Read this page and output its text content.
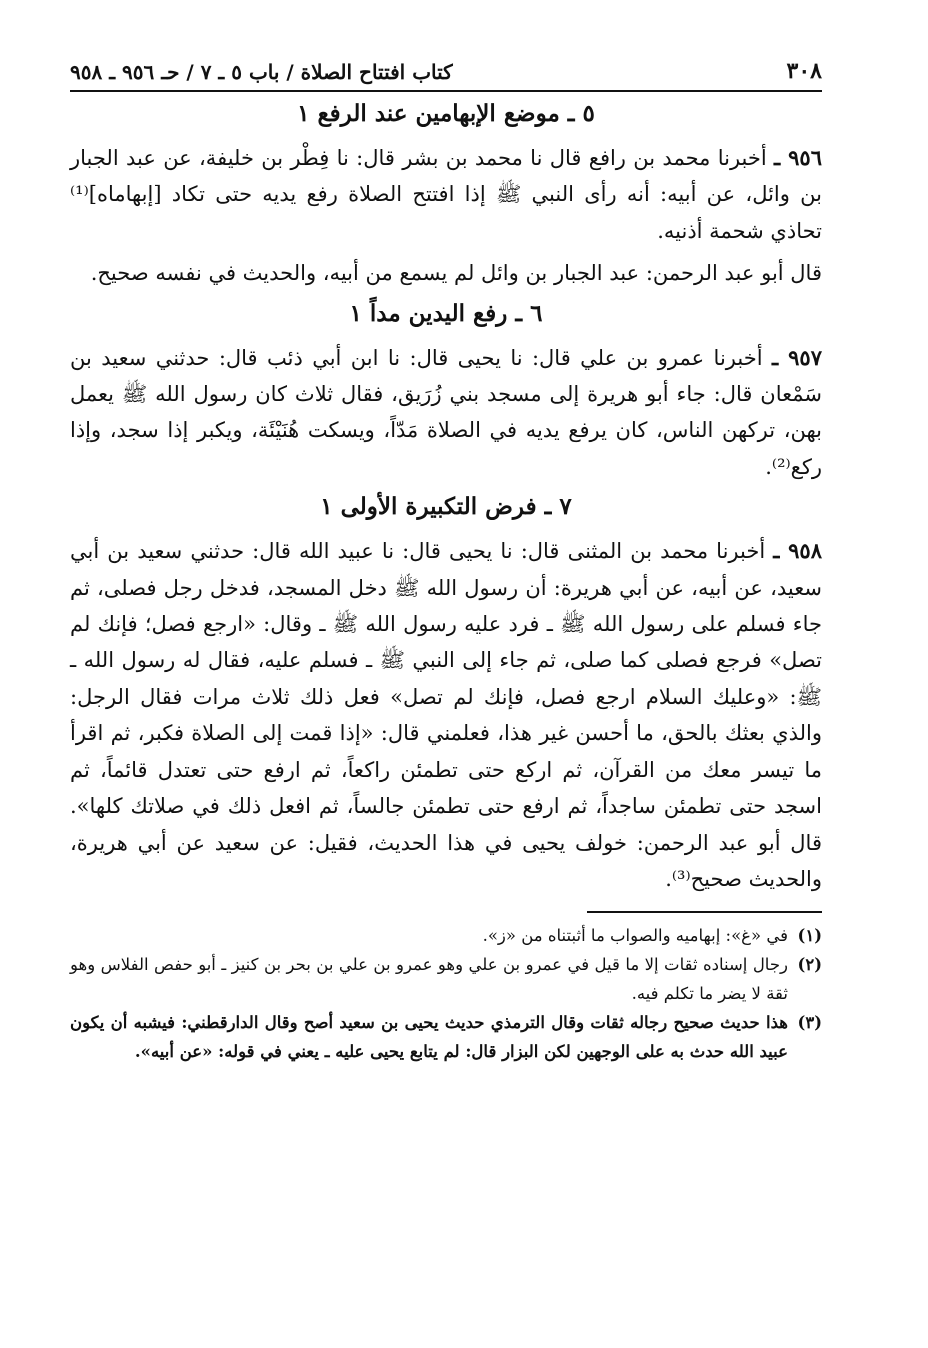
٣٠٨
كتاب افتتاح الصلاة / باب ٥ ـ ٧ / حـ ٩٥٦ ـ ٩٥٨
٥ ـ موضع الإبهامين عند الرفع ١

٩٥٦ ـ أخبرنا محمد بن رافع قال نا محمد بن بشر قال: نا فِطْر بن خليفة، عن عبد الجبار بن وائل، عن أبيه: أنه رأى النبي ﷺ إذا افتتح الصلاة رفع يديه حتى تكاد [إبهاماه]⁽¹⁾ تحاذي شحمة أذنيه.

قال أبو عبد الرحمن: عبد الجبار بن وائل لم يسمع من أبيه، والحديث في نفسه صحيح.

٦ ـ رفع اليدين مداً ١

٩٥٧ ـ أخبرنا عمرو بن علي قال: نا يحيى قال: نا ابن أبي ذئب قال: حدثني سعيد بن سَمْعان قال: جاء أبو هريرة إلى مسجد بني زُرَيق، فقال ثلاث كان رسول الله ﷺ يعمل بهن، تركهن الناس، كان يرفع يديه في الصلاة مَدّاً، ويسكت هُنَيْئَة، ويكبر إذا سجد، وإذا ركع⁽²⁾.

٧ ـ فرض التكبيرة الأولى ١

٩٥٨ ـ أخبرنا محمد بن المثنى قال: نا يحيى قال: نا عبيد الله قال: حدثني سعيد بن أبي سعيد، عن أبيه، عن أبي هريرة: أن رسول الله ﷺ دخل المسجد، فدخل رجل فصلى، ثم جاء فسلم على رسول الله ﷺ ـ فرد عليه رسول الله ﷺ ـ وقال: «ارجع فصل؛ فإنك لم تصل» فرجع فصلى كما صلى، ثم جاء إلى النبي ﷺ ـ فسلم عليه، فقال له رسول الله ـ ﷺ: «وعليك السلام ارجع فصل، فإنك لم تصل» فعل ذلك ثلاث مرات فقال الرجل: والذي بعثك بالحق، ما أحسن غير هذا، فعلمني قال: «إذا قمت إلى الصلاة فكبر، ثم اقرأ ما تيسر معك من القرآن، ثم اركع حتى تطمئن راكعاً، ثم ارفع حتى تعتدل قائماً، ثم اسجد حتى تطمئن ساجداً، ثم ارفع حتى تطمئن جالساً، ثم افعل ذلك في صلاتك كلها». قال أبو عبد الرحمن: خولف يحيى في هذا الحديث، فقيل: عن سعيد عن أبي هريرة، والحديث صحيح⁽³⁾.

(١)
في «غ»: إبهاميه والصواب ما أثبتناه من «ز».
(٢)
رجال إسناده ثقات إلا ما قيل في عمرو بن علي وهو عمرو بن علي بن بحر بن كنيز ـ أبو حفص الفلاس وهو ثقة لا يضر ما تكلم فيه.
(٣)
هذا حديث صحيح رجاله ثقات وقال الترمذي حديث يحيى بن سعيد أصح وقال الدارقطني: فيشبه أن يكون عبيد الله حدث به على الوجهين لكن البزار قال: لم يتابع يحيى عليه ـ يعني في قوله: «عن أبيه».
